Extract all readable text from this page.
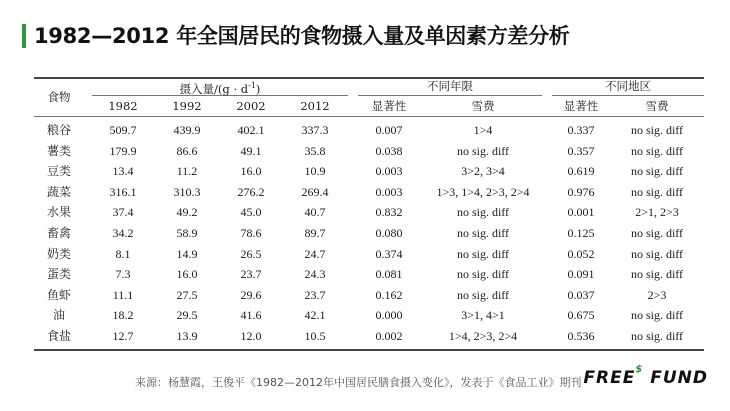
1982—2012 年全国居民的食物摄入量及单因素方差分析
食物
摄入量$/(g \cdot d^{-1})$	不同年限	不同地区
1982	1992	2002	2012	显著性	雪费	显著性	雪费
粮谷	509.7	439.9	402.1	337.3	0.007	1>4	0.337	no sig. diff
薯类	179.9	86.6	49.1	35.8	0.038	no sig. diff	0.357	no sig. diff
豆类	13.4	11.2	16.0	10.9	0.003	3>2, 3>4	0.619	no sig. diff
蔬菜	316.1	310.3	276.2	269.4	0.003	1>3, 1>4, 2>3, 2>4	0.976	no sig. diff
水果	37.4	49.2	45.0	40.7	0.832	no sig. diff	0.001	2>1, 2>3
畜禽	34.2	58.9	78.6	89.7	0.080	no sig. diff	0.125	no sig. diff
奶类	8.1	14.9	26.5	24.7	0.374	no sig. diff	0.052	no sig. diff
蛋类	7.3	16.0	23.7	24.3	0.081	no sig. diff	0.091	no sig. diff
鱼虾	11.1	27.5	29.6	23.7	0.162	no sig. diff	0.037	2>3
油	18.2	29.5	41.6	42.1	0.000	3>1, 4>1	0.675	no sig. diff
食盐	12.7	13.9	12.0	10.5	0.002	1>4, 2>3, 2>4	0.536	no sig. diff
来源：杨慧霞，王俊平《1982—2012年中国居民膳食摄入变化》，发表于《食品工业》期刊 FREE$ FUND
